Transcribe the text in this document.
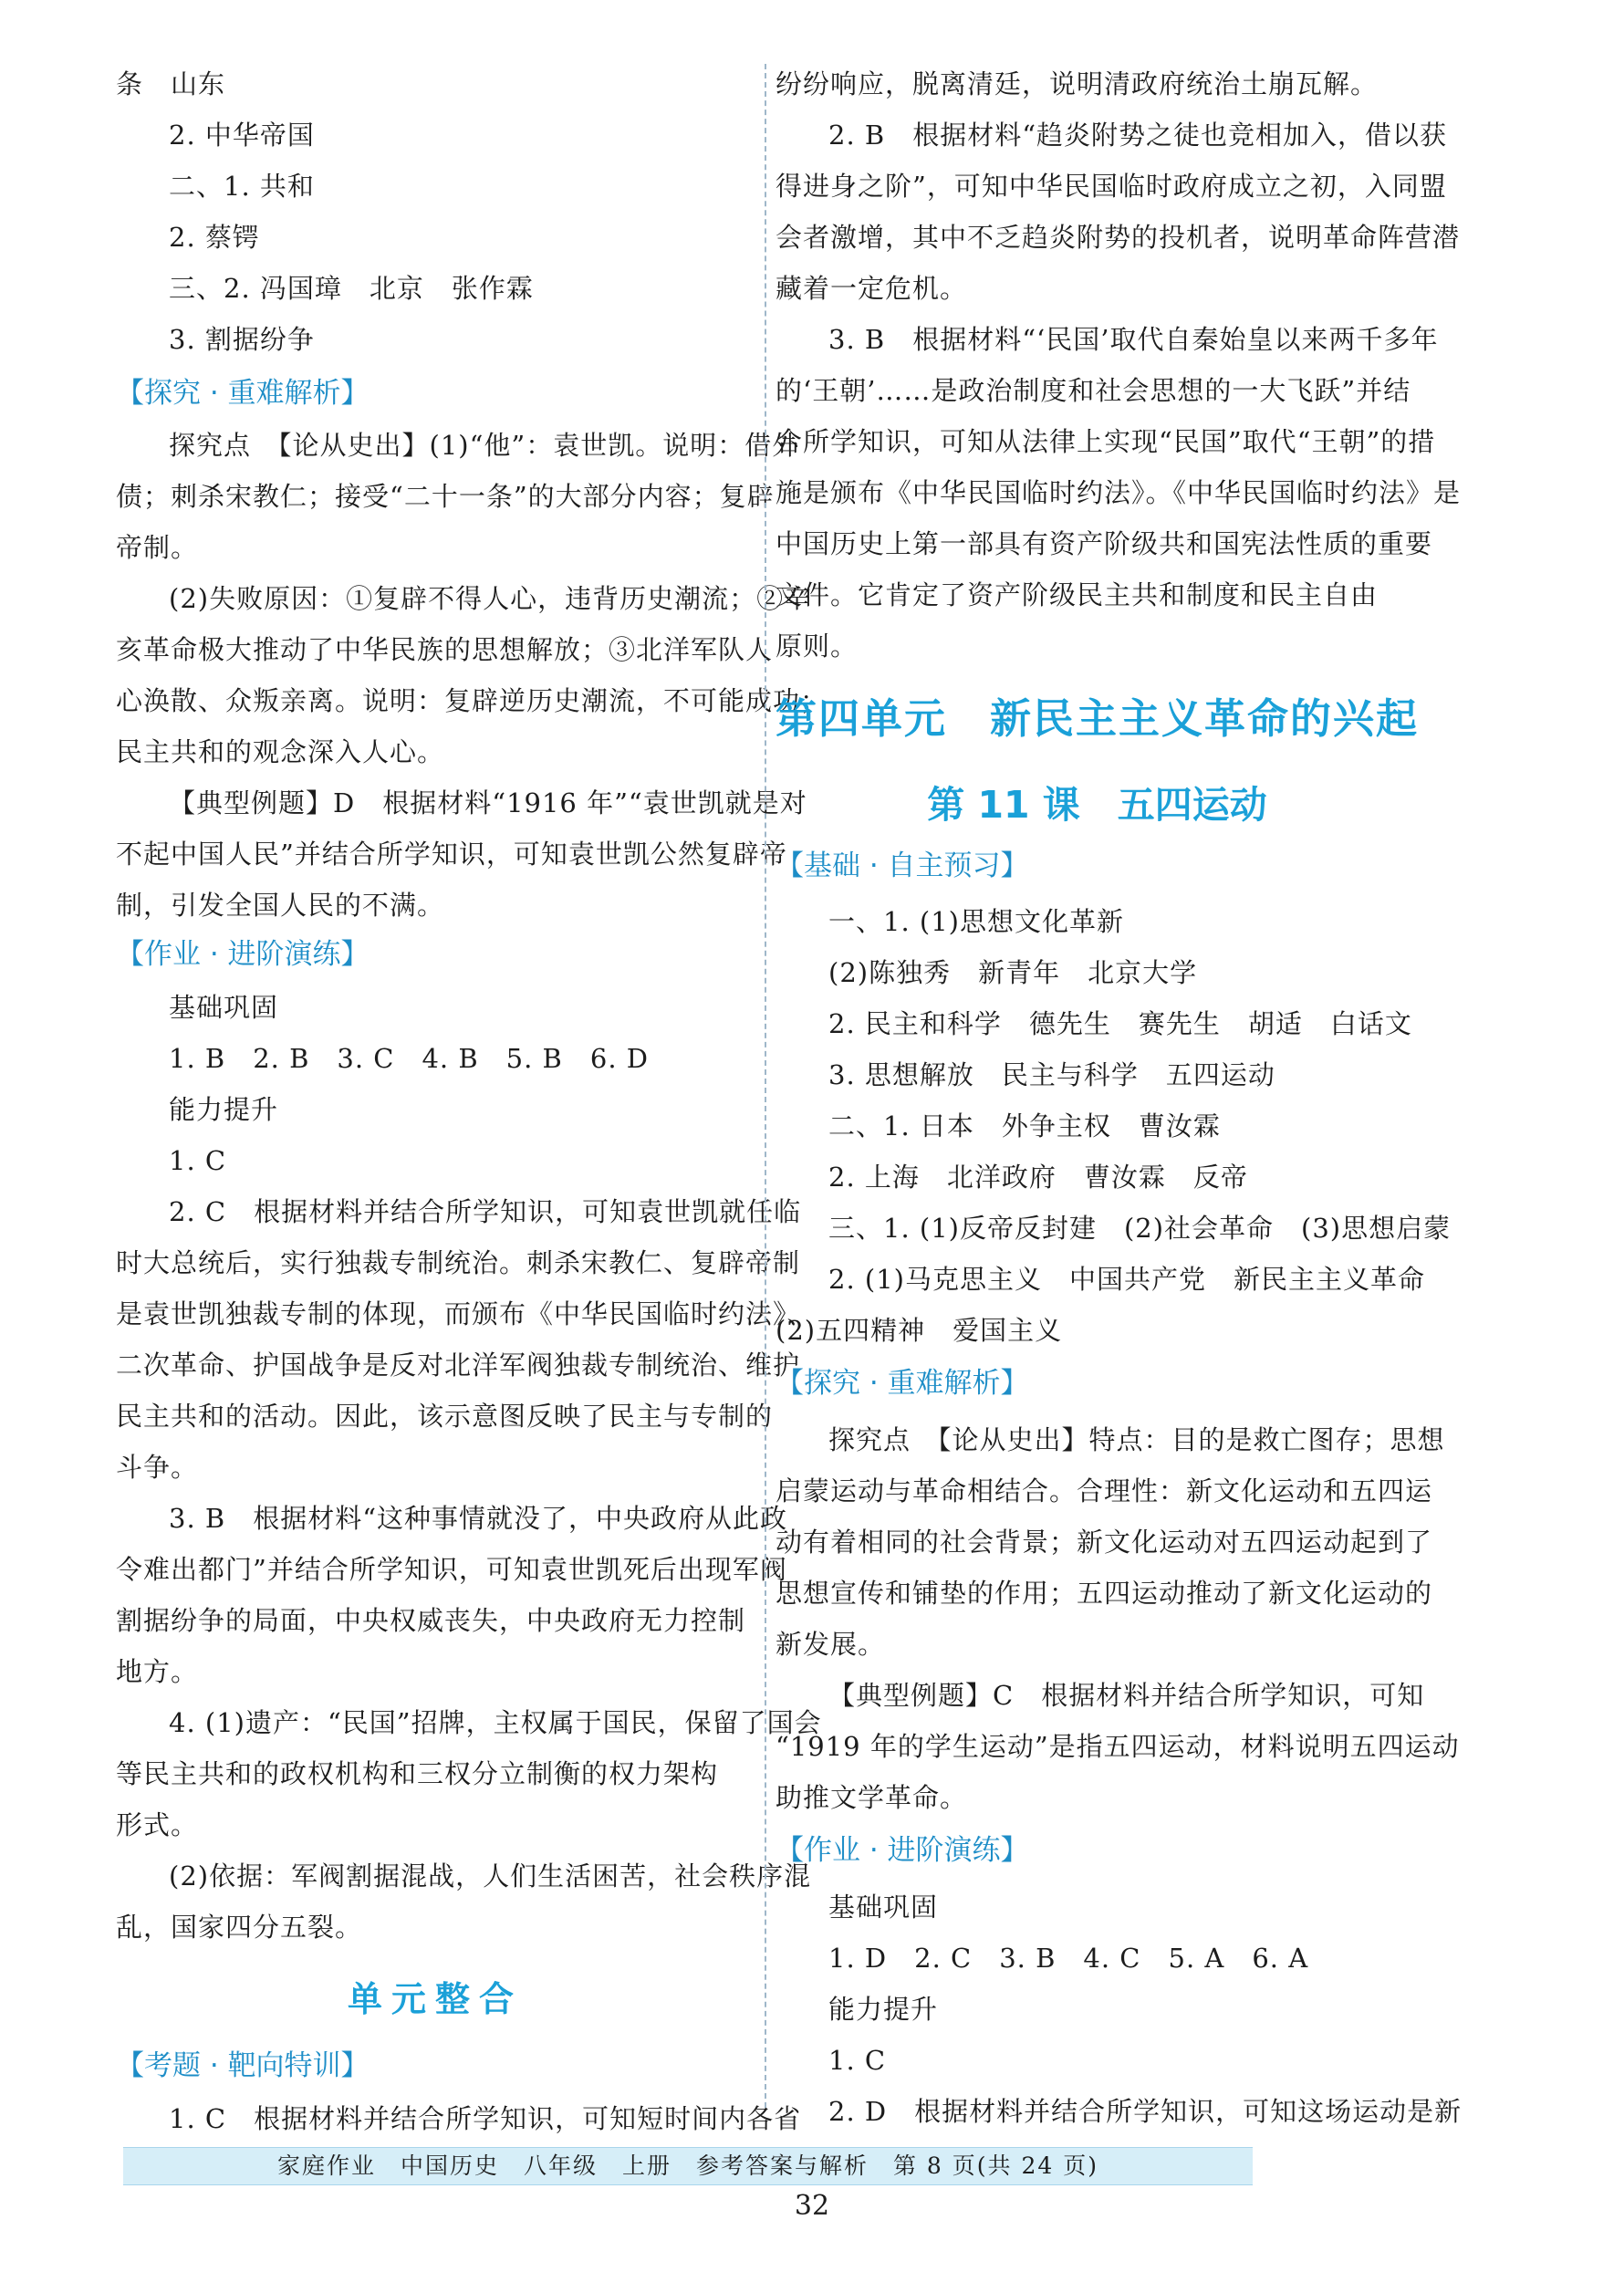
条　山东
2. 中华帝国
二、1. 共和
2. 蔡锷
三、2. 冯国璋　北京　张作霖
3. 割据纷争
【探究 · 重难解析】
探究点　【论从史出】(1)“他”：袁世凯。说明：借外
债；刺杀宋教仁；接受“二十一条”的大部分内容；复辟
帝制。
(2)失败原因：①复辟不得人心，违背历史潮流；②辛
亥革命极大推动了中华民族的思想解放；③北洋军队人
心涣散、众叛亲离。说明：复辟逆历史潮流，不可能成功；
民主共和的观念深入人心。
【典型例题】D　根据材料“1916 年”“袁世凯就是对
不起中国人民”并结合所学知识，可知袁世凯公然复辟帝
制，引发全国人民的不满。
【作业 · 进阶演练】
基础巩固
1. B　2. B　3. C　4. B　5. B　6. D
能力提升
1. C
2. C　根据材料并结合所学知识，可知袁世凯就任临
时大总统后，实行独裁专制统治。刺杀宋教仁、复辟帝制
是袁世凯独裁专制的体现，而颁布《中华民国临时约法》、
二次革命、护国战争是反对北洋军阀独裁专制统治、维护
民主共和的活动。因此，该示意图反映了民主与专制的
斗争。
3. B　根据材料“这种事情就没了，中央政府从此政
令难出都门”并结合所学知识，可知袁世凯死后出现军阀
割据纷争的局面，中央权威丧失，中央政府无力控制
地方。
4. (1)遗产：“民国”招牌，主权属于国民，保留了国会
等民主共和的政权机构和三权分立制衡的权力架构
形式。
(2)依据：军阀割据混战，人们生活困苦，社会秩序混
乱，国家四分五裂。
单元整合
【考题 · 靶向特训】
1. C　根据材料并结合所学知识，可知短时间内各省
纷纷响应，脱离清廷，说明清政府统治土崩瓦解。
2. B　根据材料“趋炎附势之徒也竞相加入，借以获
得进身之阶”，可知中华民国临时政府成立之初，入同盟
会者激增，其中不乏趋炎附势的投机者，说明革命阵营潜
藏着一定危机。
3. B　根据材料“‘民国’取代自秦始皇以来两千多年
的‘王朝’……是政治制度和社会思想的一大飞跃”并结
合所学知识，可知从法律上实现“民国”取代“王朝”的措
施是颁布《中华民国临时约法》。《中华民国临时约法》是
中国历史上第一部具有资产阶级共和国宪法性质的重要
文件。它肯定了资产阶级民主共和制度和民主自由
原则。
第四单元　新民主主义革命的兴起
第 11 课　五四运动
【基础 · 自主预习】
一、1. (1)思想文化革新
(2)陈独秀　新青年　北京大学
2. 民主和科学　德先生　赛先生　胡适　白话文
3. 思想解放　民主与科学　五四运动
二、1. 日本　外争主权　曹汝霖
2. 上海　北洋政府　曹汝霖　反帝
三、1. (1)反帝反封建　(2)社会革命　(3)思想启蒙
2. (1)马克思主义　中国共产党　新民主主义革命
(2)五四精神　爱国主义
【探究 · 重难解析】
探究点　【论从史出】特点：目的是救亡图存；思想
启蒙运动与革命相结合。合理性：新文化运动和五四运
动有着相同的社会背景；新文化运动对五四运动起到了
思想宣传和铺垫的作用；五四运动推动了新文化运动的
新发展。
【典型例题】C　根据材料并结合所学知识，可知
“1919 年的学生运动”是指五四运动，材料说明五四运动
助推文学革命。
【作业 · 进阶演练】
基础巩固
1. D　2. C　3. B　4. C　5. A　6. A
能力提升
1. C
2. D　根据材料并结合所学知识，可知这场运动是新
家庭作业　中国历史　八年级　上册　参考答案与解析　第 8 页(共 24 页)
32
